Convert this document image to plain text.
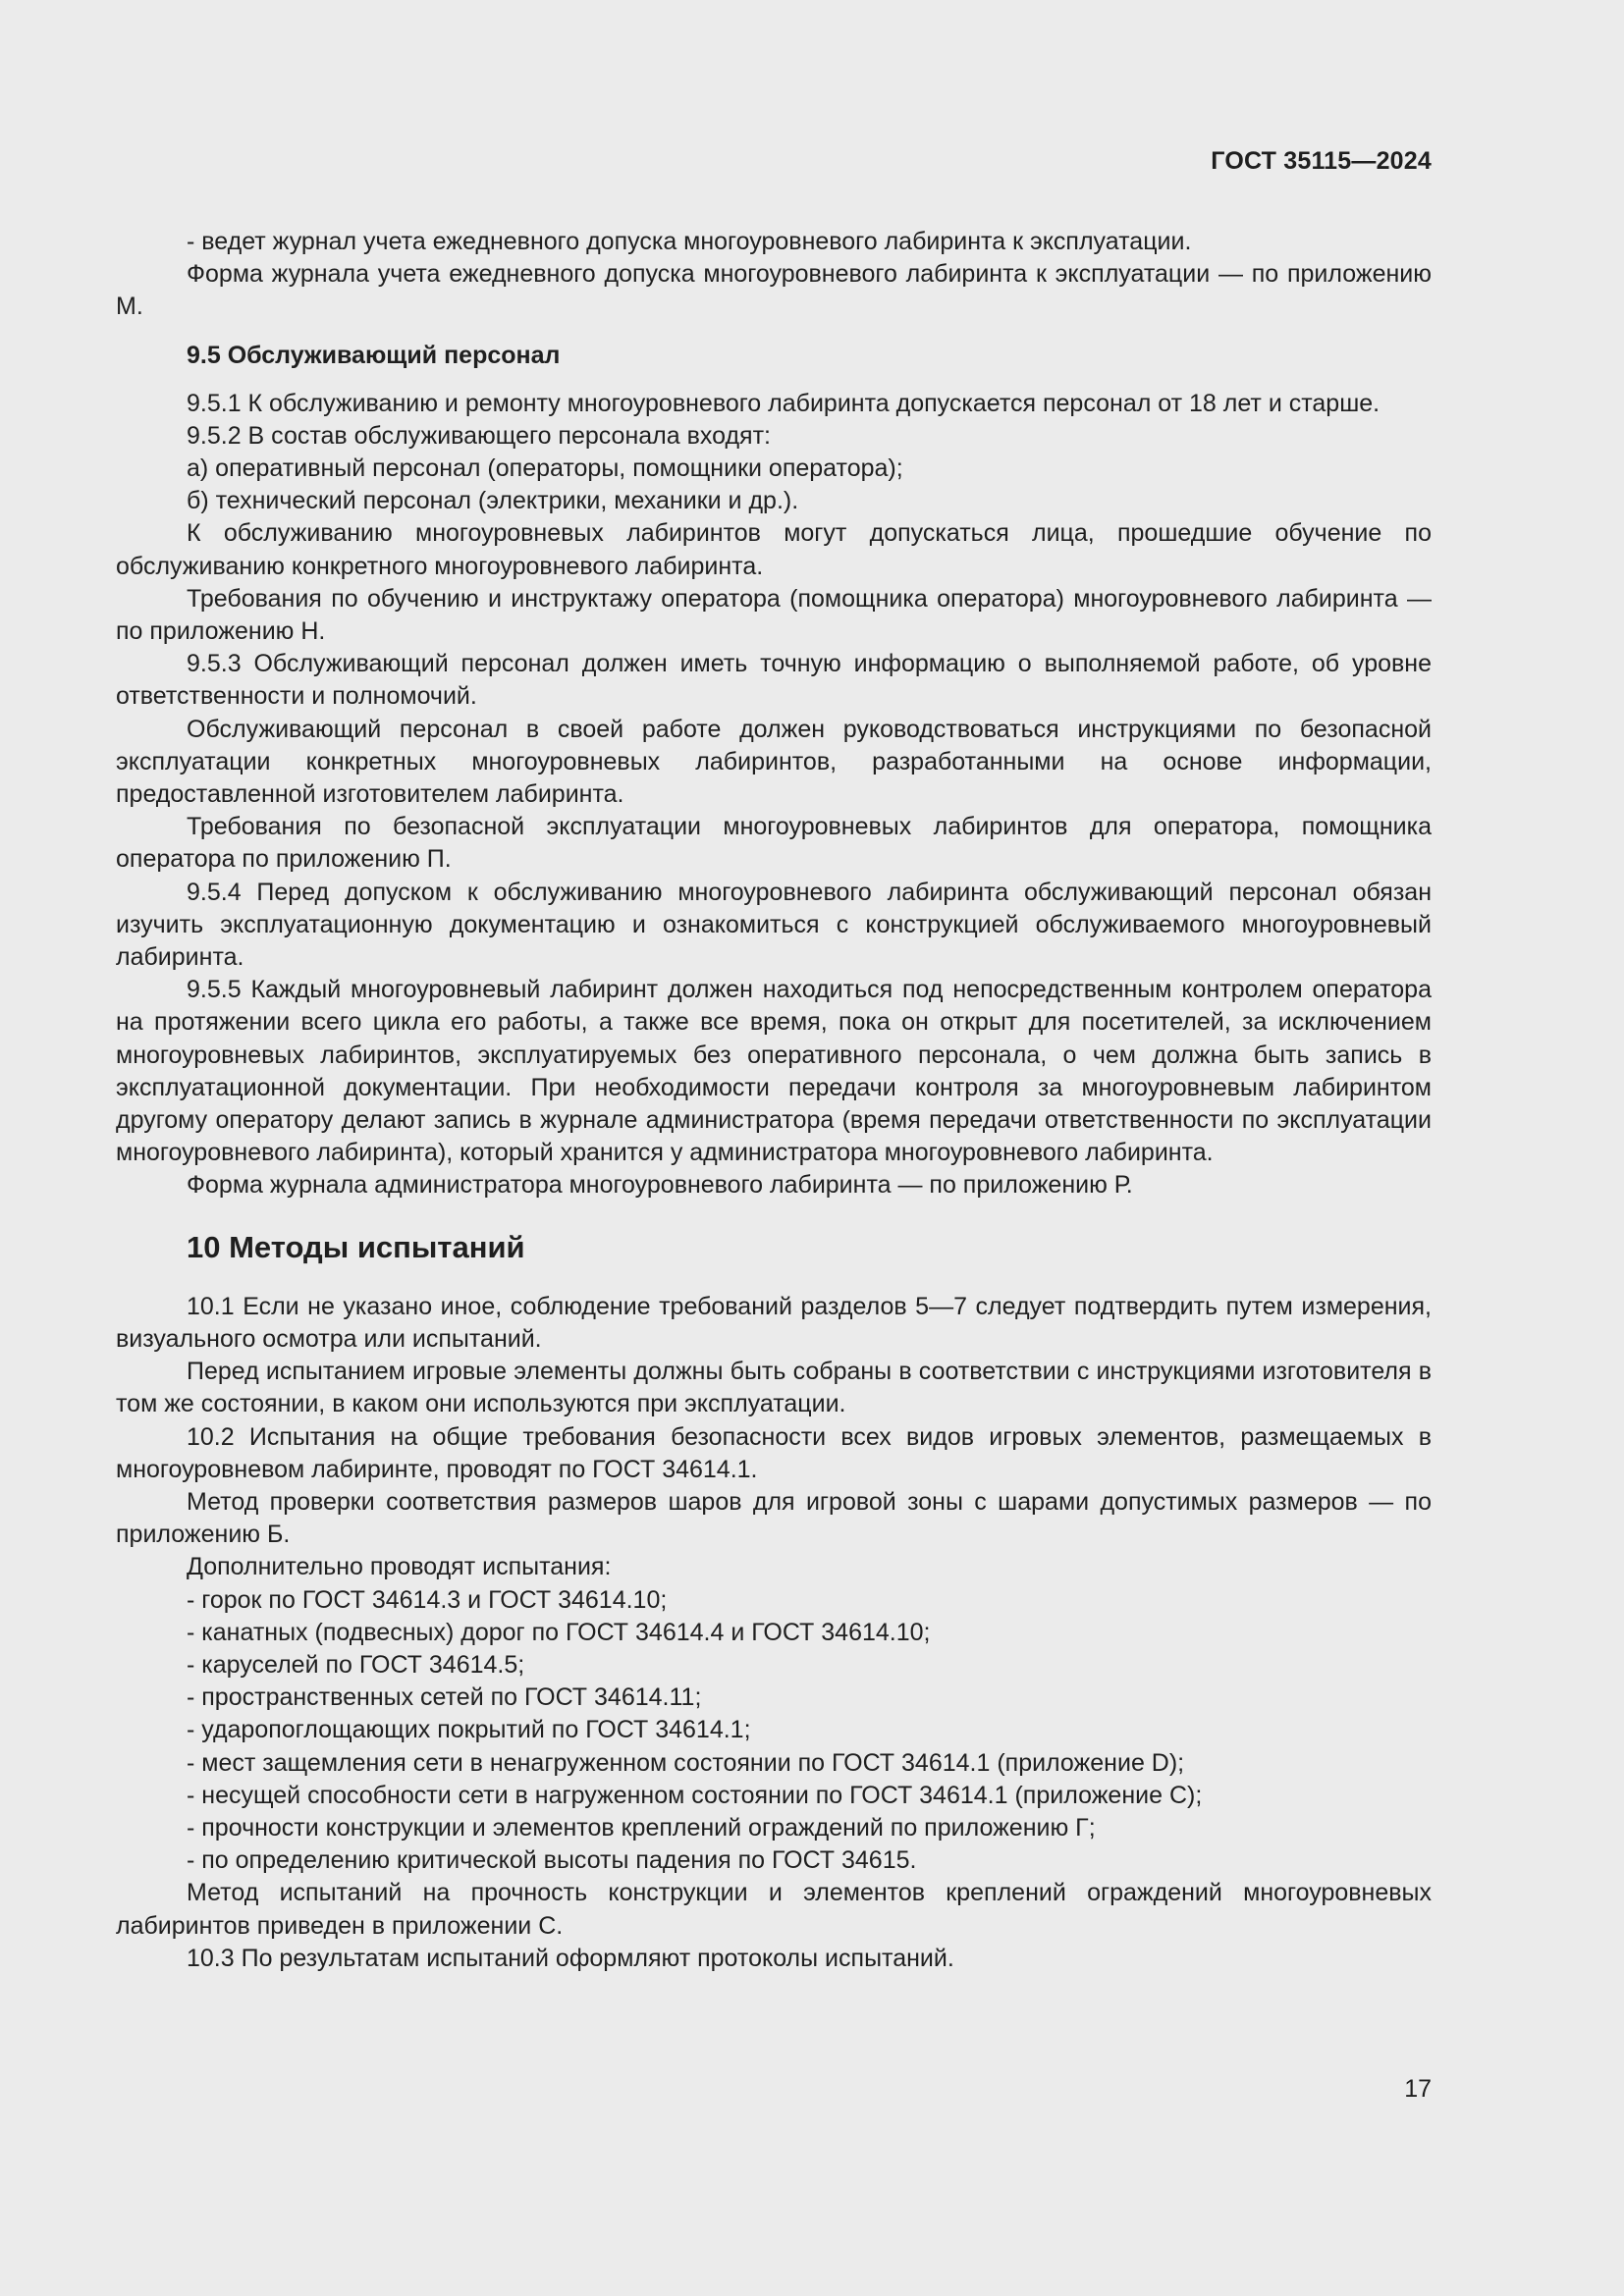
ГОСТ 35115—2024

- ведет журнал учета ежедневного допуска многоуровневого лабиринта к эксплуатации.

Форма журнала учета ежедневного допуска многоуровневого лабиринта к эксплуатации — по приложению М.

9.5 Обслуживающий персонал

9.5.1 К обслуживанию и ремонту многоуровневого лабиринта допускается персонал от 18 лет и старше.

9.5.2 В состав обслуживающего персонала входят:

а) оперативный персонал (операторы, помощники оператора);

б) технический персонал (электрики, механики и др.).

К обслуживанию многоуровневых лабиринтов могут допускаться лица, прошедшие обучение по обслуживанию конкретного многоуровневого лабиринта.

Требования по обучению и инструктажу оператора (помощника оператора) многоуровневого лабиринта — по приложению Н.

9.5.3 Обслуживающий персонал должен иметь точную информацию о выполняемой работе, об уровне ответственности и полномочий.

Обслуживающий персонал в своей работе должен руководствоваться инструкциями по безопасной эксплуатации конкретных многоуровневых лабиринтов, разработанными на основе информации, предоставленной изготовителем лабиринта.

Требования по безопасной эксплуатации многоуровневых лабиринтов для оператора, помощника оператора по приложению П.

9.5.4 Перед допуском к обслуживанию многоуровневого лабиринта обслуживающий персонал обязан изучить эксплуатационную документацию и ознакомиться с конструкцией обслуживаемого многоуровневый лабиринта.

9.5.5 Каждый многоуровневый лабиринт должен находиться под непосредственным контролем оператора на протяжении всего цикла его работы, а также все время, пока он открыт для посетителей, за исключением многоуровневых лабиринтов, эксплуатируемых без оперативного персонала, о чем должна быть запись в эксплуатационной документации. При необходимости передачи контроля за многоуровневым лабиринтом другому оператору делают запись в журнале администратора (время передачи ответственности по эксплуатации многоуровневого лабиринта), который хранится у администратора многоуровневого лабиринта.

Форма журнала администратора многоуровневого лабиринта — по приложению Р.

10 Методы испытаний

10.1 Если не указано иное, соблюдение требований разделов 5—7 следует подтвердить путем измерения, визуального осмотра или испытаний.

Перед испытанием игровые элементы должны быть собраны в соответствии с инструкциями изготовителя в том же состоянии, в каком они используются при эксплуатации.

10.2 Испытания на общие требования безопасности всех видов игровых элементов, размещаемых в многоуровневом лабиринте, проводят по ГОСТ 34614.1.

Метод проверки соответствия размеров шаров для игровой зоны с шарами допустимых размеров — по приложению Б.

Дополнительно проводят испытания:

- горок по ГОСТ 34614.3 и ГОСТ 34614.10;

- канатных (подвесных) дорог по ГОСТ 34614.4 и ГОСТ 34614.10;

- каруселей по ГОСТ 34614.5;

- пространственных сетей по ГОСТ 34614.11;

- ударопоглощающих покрытий по ГОСТ 34614.1;

- мест защемления сети в ненагруженном состоянии по ГОСТ 34614.1 (приложение D);

- несущей способности сети в нагруженном состоянии по ГОСТ 34614.1 (приложение С);

- прочности конструкции и элементов креплений ограждений по приложению Г;

- по определению критической высоты падения по ГОСТ 34615.

Метод испытаний на прочность конструкции и элементов креплений ограждений многоуровневых лабиринтов приведен в приложении С.

10.3 По результатам испытаний оформляют протоколы испытаний.

17
